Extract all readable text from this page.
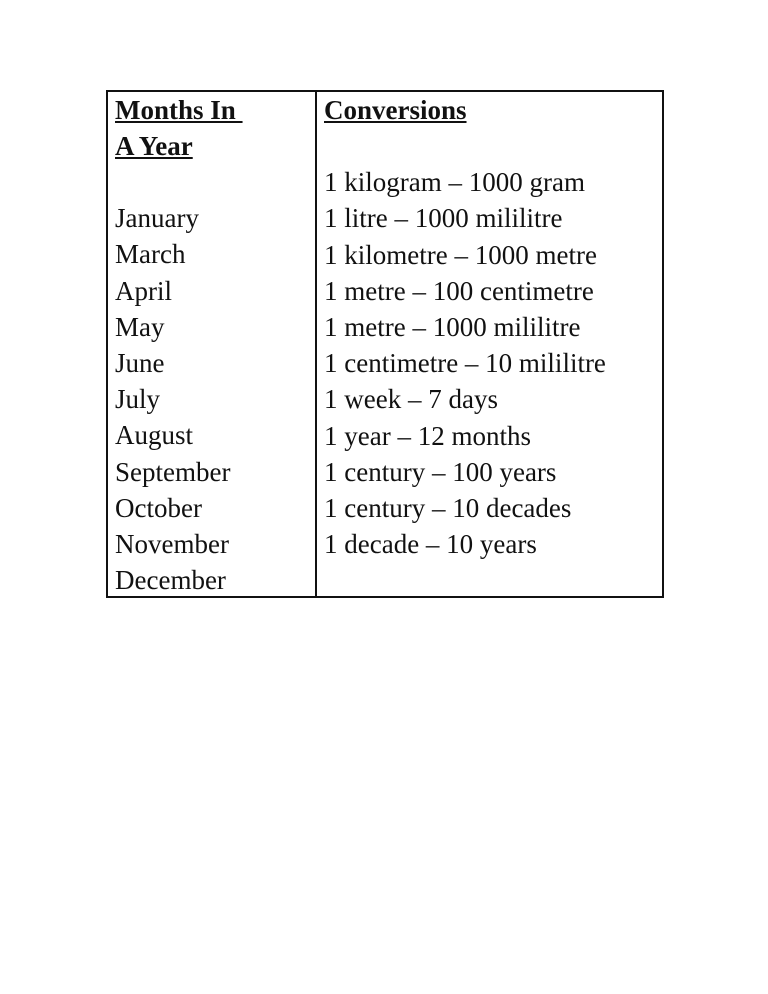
Months In
A Year
January
March
April
May
June
July
August
September
October
November
December
Conversions
1 kilogram – 1000 gram
1 litre – 1000 mililitre
1 kilometre – 1000 metre
1 metre – 100 centimetre
1 metre – 1000 mililitre
1 centimetre – 10 mililitre
1 week – 7 days
1 year – 12 months
1 century – 100 years
1 century – 10 decades
1 decade – 10 years
